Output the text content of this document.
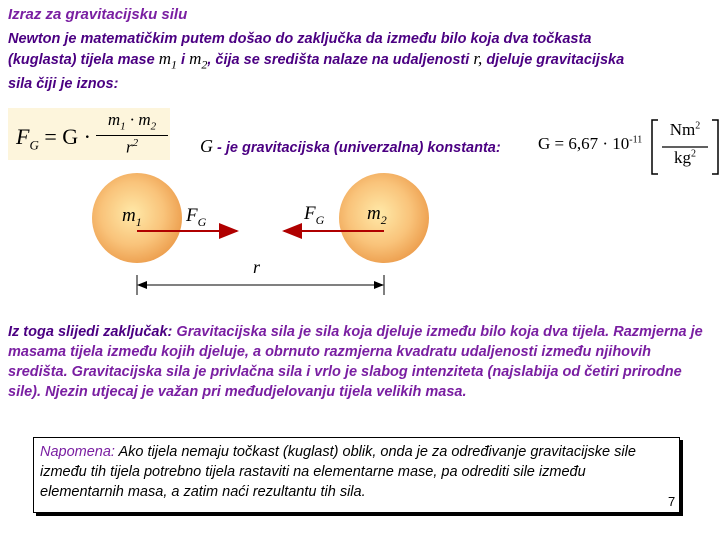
Izraz za gravitacijsku silu
Newton je matematičkim putem došao do zaključka da između bilo koja dva točkasta
(kuglasta) tijela mase $m_1$ i $m_2$, čija se središta nalaze na udaljenosti r, djeluje gravitacijska
sila čiji je iznos:
$F_G = G$ ·
$m_1 \cdot m_2$
$r^2$	G - je gravitacijska (univerzalna) konstanta: $G = 6,67 \cdot 10^{-11}$
Nm$^2$
$kg^2$
$m_1$	$m_2$
$F_G$	$F_G$
r
Iz toga slijedi zaključak: Gravitacijska sila je sila koja djeluje između bilo koja dva tijela. Razmjerna je masama tijela između kojih djeluje, a obrnuto razmjerna kvadratu udaljenosti između njihovih središta. Gravitacijska sila je privlačna sila i vrlo je slabog intenziteta (najslabija od četiri prirodne sile). Njezin utjecaj je važan pri međudjelovanju tijela velikih masa.
Napomena: Ako tijela nemaju točkast (kuglast) oblik, onda je za određivanje gravitacijske sile između tih tijela potrebno tijela rastaviti na elementarne mase, pa odrediti sile između elementarnih masa, a zatim naći rezultantu tih sila.
7
